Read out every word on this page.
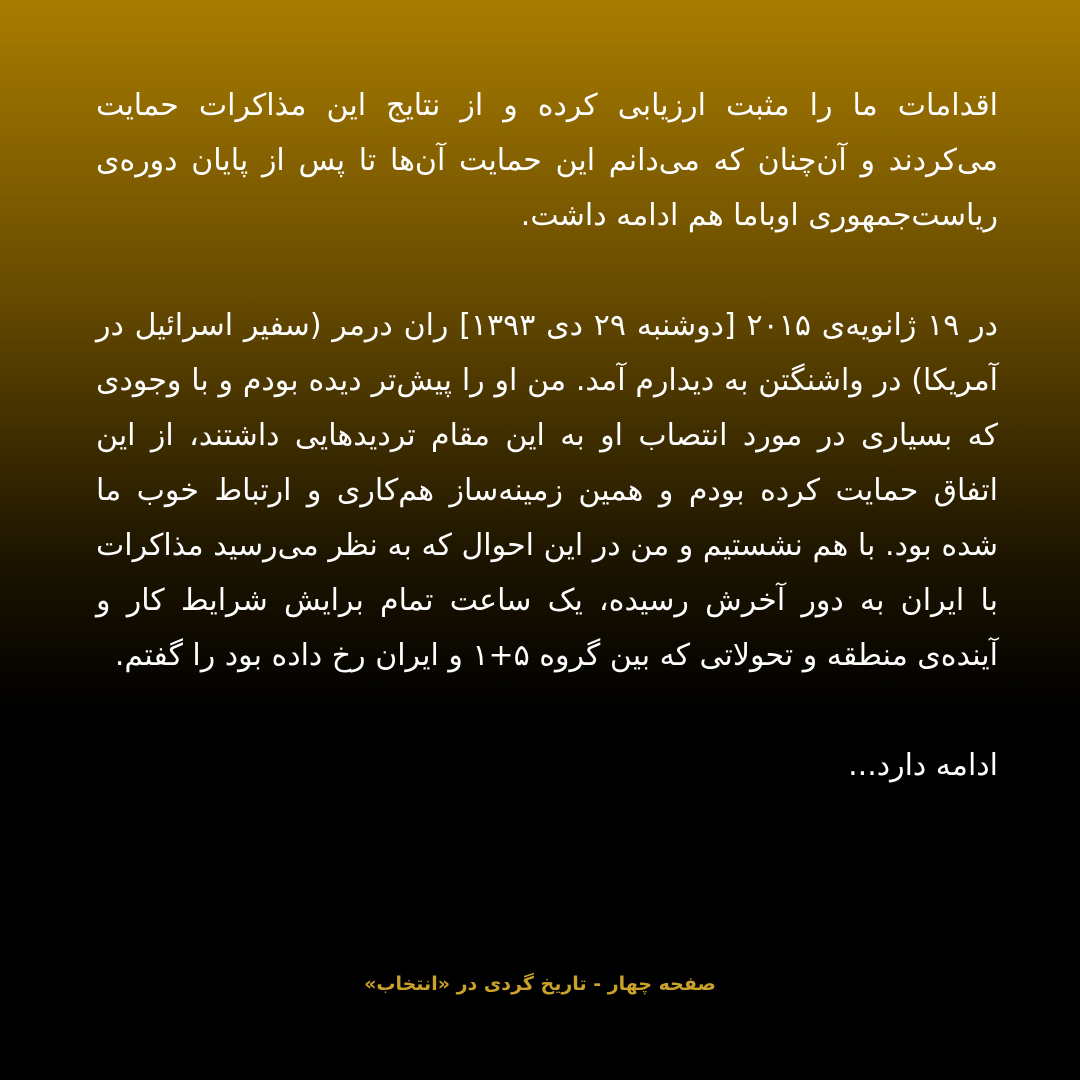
اقدامات ما را مثبت ارزیابی کرده و از نتایج این مذاکرات حمایت می‌کردند و آن‌چنان که می‌دانم این حمایت آن‌ها تا پس از پایان دوره‌ی ریاست‌جمهوری اوباما هم ادامه داشت.

در ۱۹ ژانویه‌ی ۲۰۱۵ [دوشنبه ۲۹ دی ۱۳۹۳] ران درمر (سفیر اسرائیل در آمریکا) در واشنگتن به دیدارم آمد. من او را پیش‌تر دیده بودم و با وجودی که بسیاری در مورد انتصاب او به این مقام تردیدهایی داشتند، از این اتفاق حمایت کرده بودم و همین زمینه‌ساز هم‌کاری و ارتباط خوب ما شده بود. با هم نشستیم و من در این احوال که به نظر می‌رسید مذاکرات با ایران به دور آخرش رسیده، یک ساعت تمام برایش شرایط کار و آینده‌ی منطقه و تحولاتی که بین گروه ۵+۱ و ایران رخ داده بود را گفتم.

ادامه دارد...

صفحه چهار - تاریخ گردی در «انتخاب»
